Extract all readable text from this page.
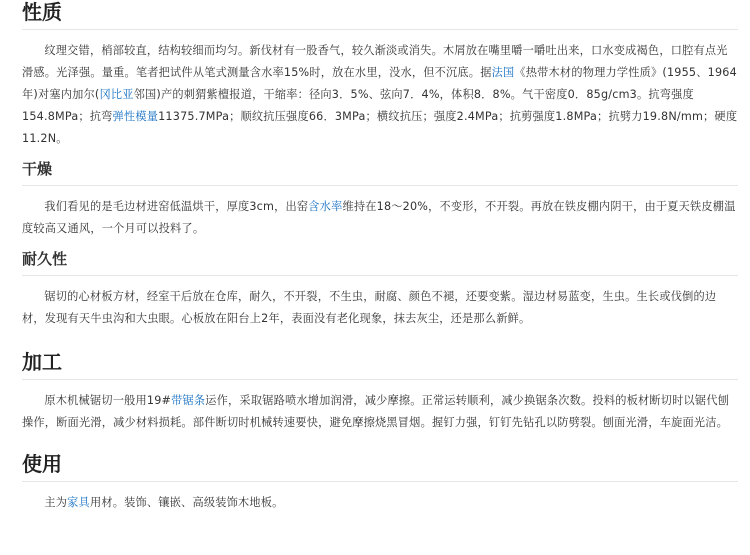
性质

纹理交错，梢部较直，结构较细而均匀。新伐材有一股香气，较久渐淡或消失。木屑放在嘴里嚼一嚼吐出来，口水变成褐色，口腔有点光滑感。光泽强。量重。笔者把试件从笔式测量含水率15%时，放在水里，没水，但不沉底。据法国《热带木材的物理力学性质》(1955、1964年)对塞内加尔(冈比亚邻国)产的刺猬紫檀报道，干缩率：径向3．5%、弦向7．4%，体积8．8%。气干密度0．85g/cm3。抗弯强度154.8MPa；抗弯弹性模量11375.7MPa；顺纹抗压强度66．3MPa；横纹抗压；强度2.4MPa；抗剪强度1.8MPa；抗劈力19.8N/mm；硬度11.2N。

干燥

我们看见的是毛边材进窑低温烘干，厚度3cm，出窑含水率维持在18～20%，不变形，不开裂。再放在铁皮棚内阴干，由于夏天铁皮棚温度较高又通风，一个月可以投料了。

耐久性

锯切的心材板方材，经室干后放在仓库，耐久，不开裂，不生虫，耐腐、颜色不褪，还要变紫。湿边材易蓝变，生虫。生长或伐倒的边材，发现有天牛虫沟和大虫眼。心板放在阳台上2年，表面没有老化现象，抹去灰尘，还是那么新鲜。

加工

原木机械锯切一般用19#带锯条运作，采取锯路喷水增加润滑，减少摩擦。正常运转顺利，减少换锯条次数。投料的板材断切时以锯代刨操作，断面光滑，减少材料损耗。部件断切时机械转速要快，避免摩擦烧黑冒烟。握钉力强，钉钉先钻孔以防劈裂。刨面光滑，车旋面光洁。

使用

主为家具用材。装饰、镶嵌、高级装饰木地板。
